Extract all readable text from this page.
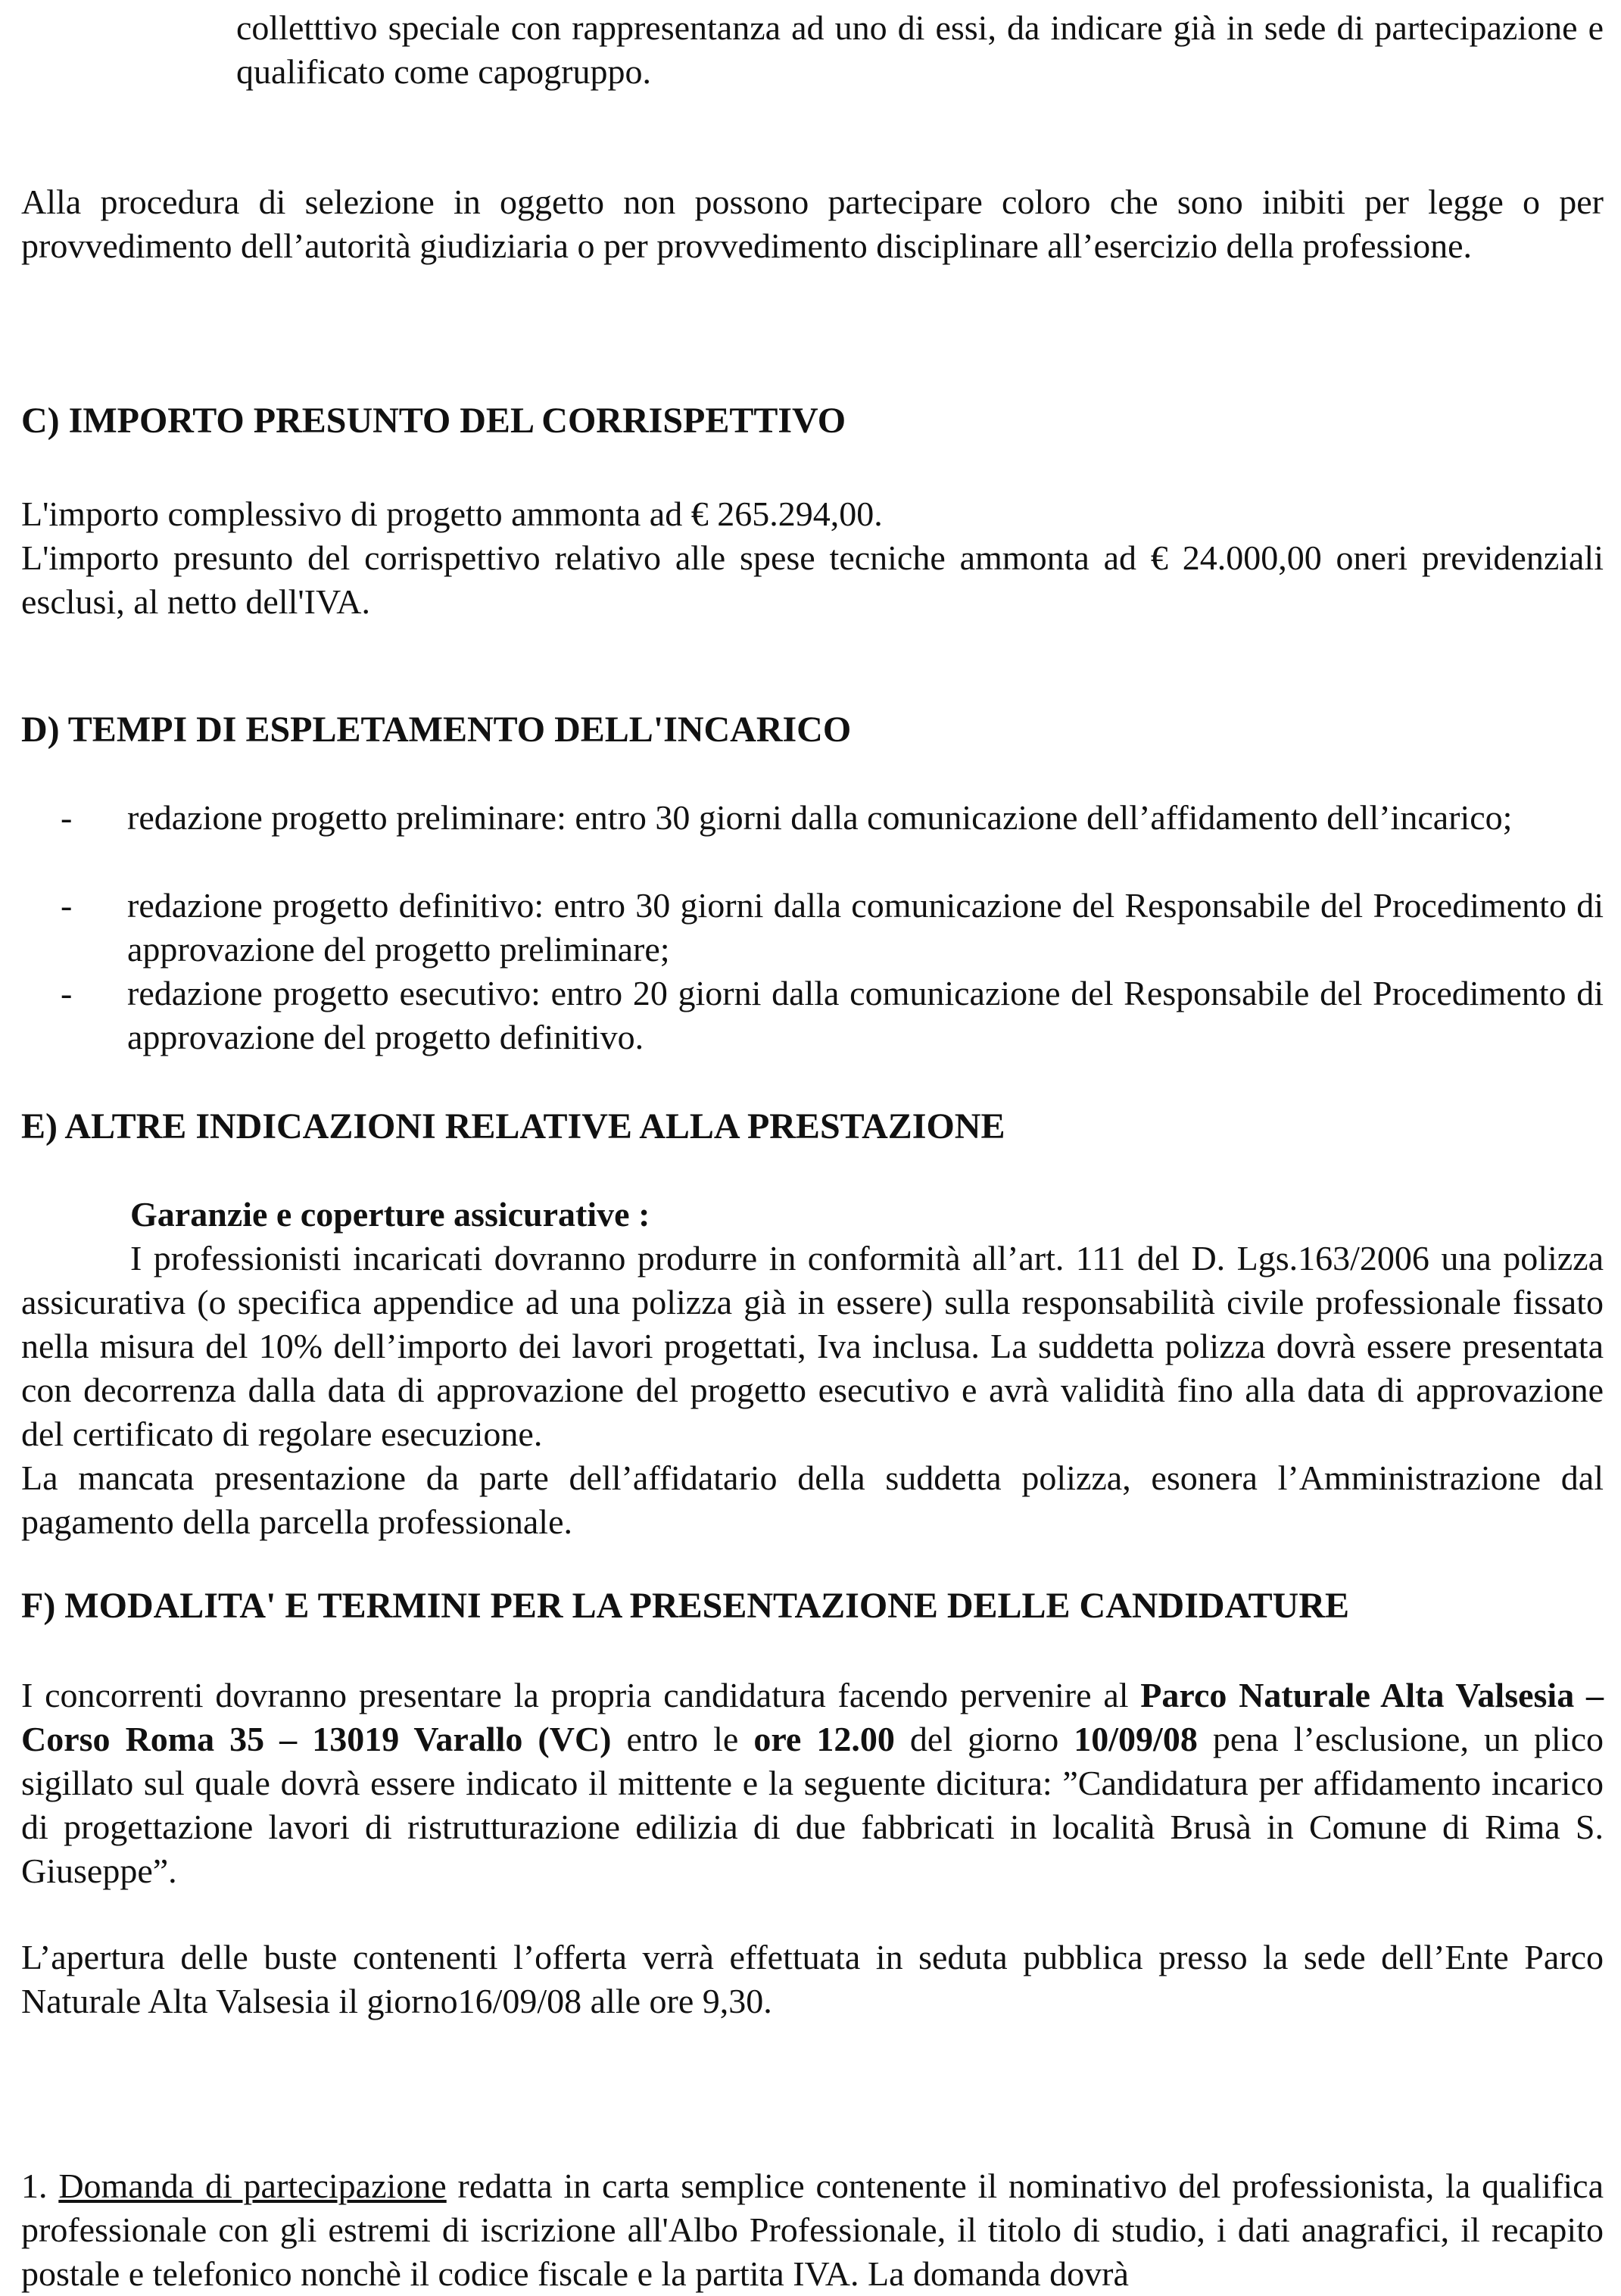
colletttivo speciale con rappresentanza ad uno di essi, da indicare già in sede di partecipazione e qualificato come capogruppo.

Alla procedura di selezione in oggetto non possono partecipare coloro che sono inibiti per legge o per provvedimento dell’autorità giudiziaria o per provvedimento disciplinare all’esercizio della professione.

C) IMPORTO PRESUNTO DEL CORRISPETTIVO

L'importo complessivo di progetto ammonta ad € 265.294,00.

L'importo presunto del corrispettivo relativo alle spese tecniche ammonta ad € 24.000,00 oneri previdenziali esclusi, al netto dell'IVA.

D) TEMPI DI ESPLETAMENTO DELL'INCARICO
- redazione progetto preliminare: entro 30 giorni dalla comunicazione dell’affidamento dell’incarico;
- redazione progetto definitivo: entro 30 giorni dalla comunicazione del Responsabile del Procedimento di approvazione del progetto preliminare;
- redazione progetto esecutivo: entro 20 giorni dalla comunicazione del Responsabile del Procedimento di approvazione del progetto definitivo.
E) ALTRE INDICAZIONI RELATIVE ALLA PRESTAZIONE

Garanzie e coperture assicurative :

I professionisti incaricati dovranno produrre in conformità all’art. 111 del D. Lgs.163/2006 una polizza assicurativa (o specifica appendice ad una polizza già in essere) sulla responsabilità civile professionale fissato nella misura del 10% dell’importo dei lavori progettati, Iva inclusa. La suddetta polizza dovrà essere presentata con decorrenza dalla data di approvazione del progetto esecutivo e avrà validità fino alla data di approvazione del certificato di regolare esecuzione.

La mancata presentazione da parte dell’affidatario della suddetta polizza, esonera l’Amministrazione dal pagamento della parcella professionale.

F) MODALITA' E TERMINI PER LA PRESENTAZIONE DELLE CANDIDATURE

I concorrenti dovranno presentare la propria candidatura facendo pervenire al Parco Naturale Alta Valsesia – Corso Roma 35 – 13019 Varallo (VC) entro le ore 12.00 del giorno 10/09/08 pena l’esclusione, un plico sigillato sul quale dovrà essere indicato il mittente e la seguente dicitura: ”Candidatura per affidamento incarico di progettazione lavori di ristrutturazione edilizia di due fabbricati in località Brusà in Comune di Rima S. Giuseppe”.

L’apertura delle buste contenenti l’offerta verrà effettuata in seduta pubblica presso la sede dell’Ente Parco Naturale Alta Valsesia il giorno16/09/08 alle ore 9,30.

1. Domanda di partecipazione redatta in carta semplice contenente il nominativo del professionista, la qualifica professionale con gli estremi di iscrizione all'Albo Professionale, il titolo di studio, i dati anagrafici, il recapito postale e telefonico nonchè il codice fiscale e la partita IVA. La domanda dovrà
